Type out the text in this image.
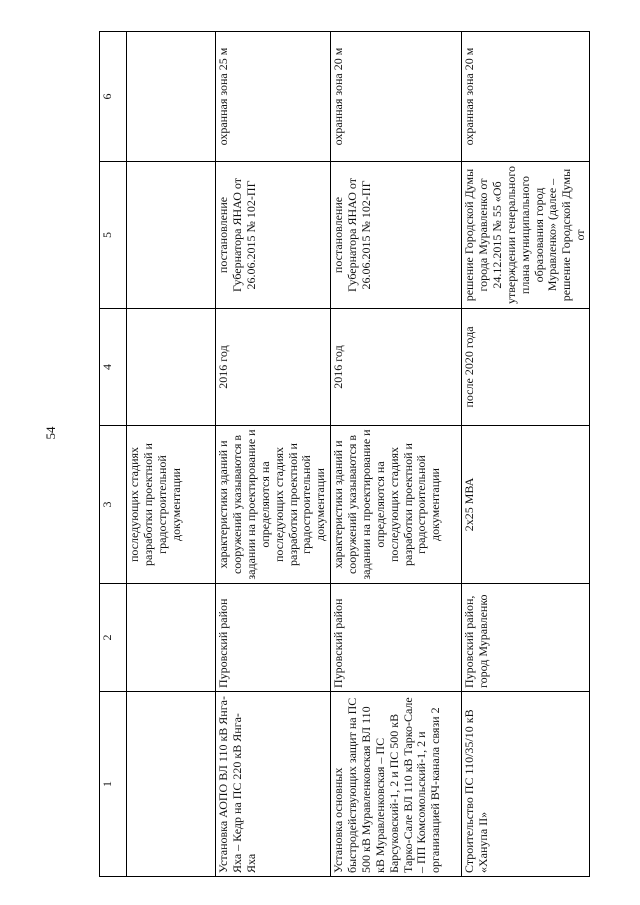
54
1	2	3	4	5	6
		последующих стадиях разработки проектной и градостроительной документации			
Установка АОПО ВЛ 110 кВ Янга-Яха – Кедр на ПС 220 кВ Янга-Яха	Пуровский район	характеристики зданий и сооружений указываются в задании на проектирование и определяются на последующих стадиях разработки проектной и градостроительной документации	2016 год	постановление Губернатора ЯНАО от 26.06.2015 № 102-ПГ	охранная зона 25 м
Установка основных быстродействующих защит на ПС 500 кВ Муравленковская ВЛ 110 кВ Муравленковская – ПС Барсуковский-1, 2 и ПС 500 кВ Тарко-Сале ВЛ 110 кВ Тарко-Сале – ПП Комсомольский-1, 2 и организацией ВЧ-канала связи 2	Пуровский район	характеристики зданий и сооружений указываются в задании на проектирование и определяются на последующих стадиях разработки проектной и градостроительной документации	2016 год	постановление Губернатора ЯНАО от 26.06.2015 № 102-ПГ	охранная зона 20 м
Строительство ПС 110/35/10 кВ «Ханупа II»	Пуровский район, город Муравленко	2x25 МВА	после 2020 года	решение Городской Думы города Муравленко от 24.12.2015 № 55 «Об утверждении генерального плана муниципального образования город Муравленко» (далее – решение Городской Думы от	охранная зона 20 м
